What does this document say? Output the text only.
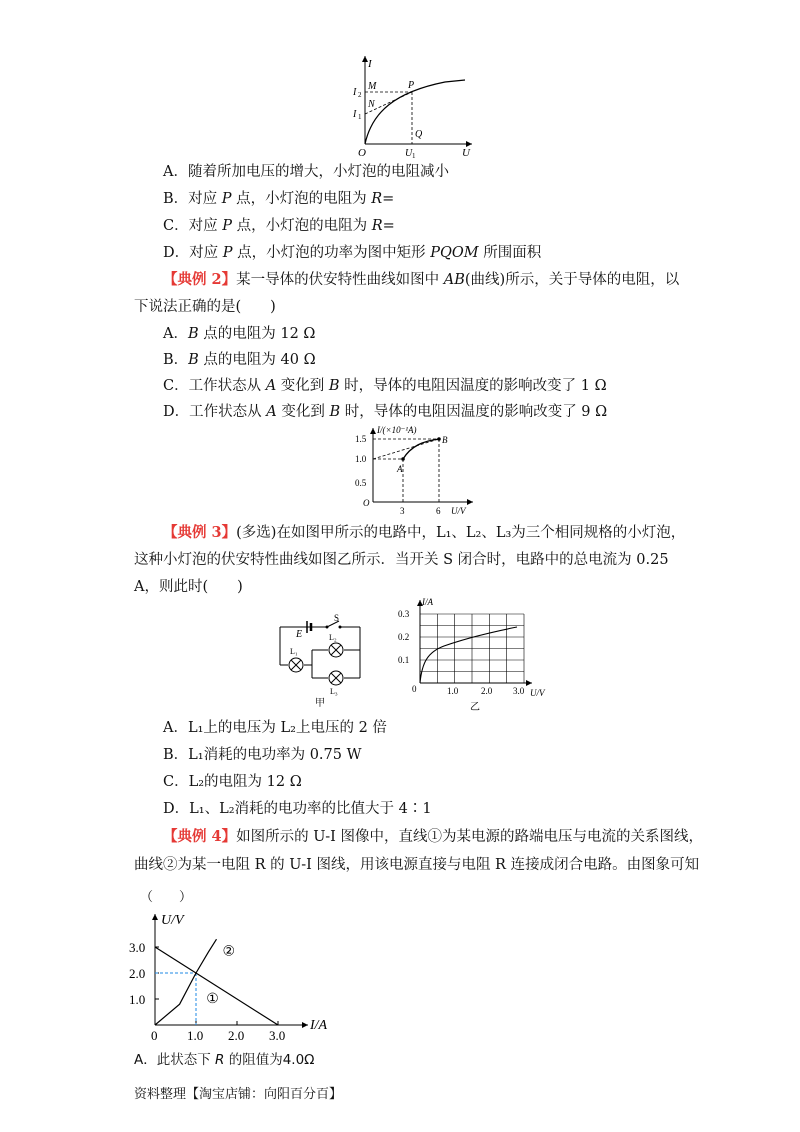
I
U
O
M
N
P
Q
I 2
I 1
U 1
A．随着所加电压的增大，小灯泡的电阻减小
B．对应 P 点，小灯泡的电阻为 R=
C．对应 P 点，小灯泡的电阻为 R=
D．对应 P 点，小灯泡的功率为图中矩形 PQOM 所围面积
【典例 2】某一导体的伏安特性曲线如图中 AB(曲线)所示，关于导体的电阻，以
下说法正确的是(　　)
A．B 点的电阻为 12 Ω
B．B 点的电阻为 40 Ω
C．工作状态从 A 变化到 B 时，导体的电阻因温度的影响改变了 1 Ω
D．工作状态从 A 变化到 B 时，导体的电阻因温度的影响改变了 9 Ω
I/(×10⁻¹A)
U/V
O
1.5
1.0
0.5
3	6
A
B
【典例 3】(多选)在如图甲所示的电路中，L₁、L₂、L₃为三个相同规格的小灯泡，
这种小灯泡的伏安特性曲线如图乙所示．当开关 S 闭合时，电路中的总电流为 0.25
A，则此时(　　)
E
S
L₁
L₂
L₃
甲
I/A
U/V
0
0.3
0.2
0.1
1.0	2.0 3.0
乙
A．L₁上的电压为 L₂上电压的 2 倍
B．L₁消耗的电功率为 0.75 W
C．L₂的电阻为 12 Ω
D．L₁、L₂消耗的电功率的比值大于 4∶1
【典例 4】如图所示的 U-I 图像中，直线①为某电源的路端电压与电流的关系图线，
曲线②为某一电阻 R 的 U-I 图线，用该电源直接与电阻 R 连接成闭合电路。由图象可知
（　　）
1.0
2.0
3.0
0 1.0 2.0 3.0
①
②
U/V
I/A
A．此状态下 R 的阻值为4.0Ω
资料整理【淘宝店铺：向阳百分百】
